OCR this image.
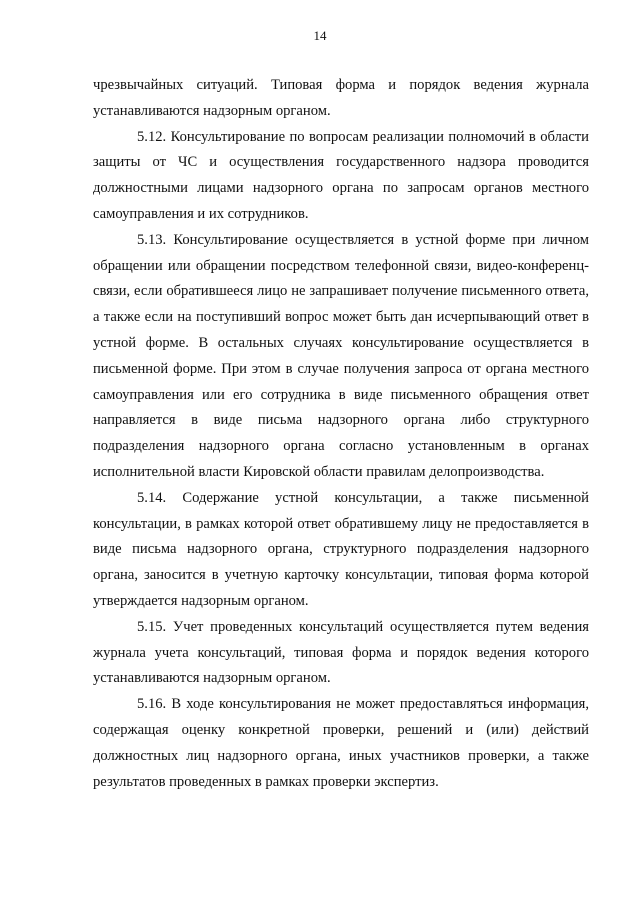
14

чрезвычайных ситуаций. Типовая форма и порядок ведения журнала устанавливаются надзорным органом.

5.12. Консультирование по вопросам реализации полномочий в области защиты от ЧС и осуществления государственного надзора проводится должностными лицами надзорного органа по запросам органов местного самоуправления и их сотрудников.

5.13. Консультирование осуществляется в устной форме при личном обращении или обращении посредством телефонной связи, видео-конференц-связи, если обратившееся лицо не запрашивает получение письменного ответа, а также если на поступивший вопрос может быть дан исчерпывающий ответ в устной форме. В остальных случаях консультирование осуществляется в письменной форме. При этом в случае получения запроса от органа местного самоуправления или его сотрудника в виде письменного обращения ответ направляется в виде письма надзорного органа либо структурного подразделения надзорного органа согласно установленным в органах исполнительной власти Кировской области правилам делопроизводства.

5.14. Содержание устной консультации, а также письменной консультации, в рамках которой ответ обратившему лицу не предоставляется в виде письма надзорного органа, структурного подразделения надзорного органа, заносится в учетную карточку консультации, типовая форма которой утверждается надзорным органом.

5.15. Учет проведенных консультаций осуществляется путем ведения журнала учета консультаций, типовая форма и порядок ведения которого устанавливаются надзорным органом.

5.16. В ходе консультирования не может предоставляться информация, содержащая оценку конкретной проверки, решений и (или) действий должностных лиц надзорного органа, иных участников проверки, а также результатов проведенных в рамках проверки экспертиз.
